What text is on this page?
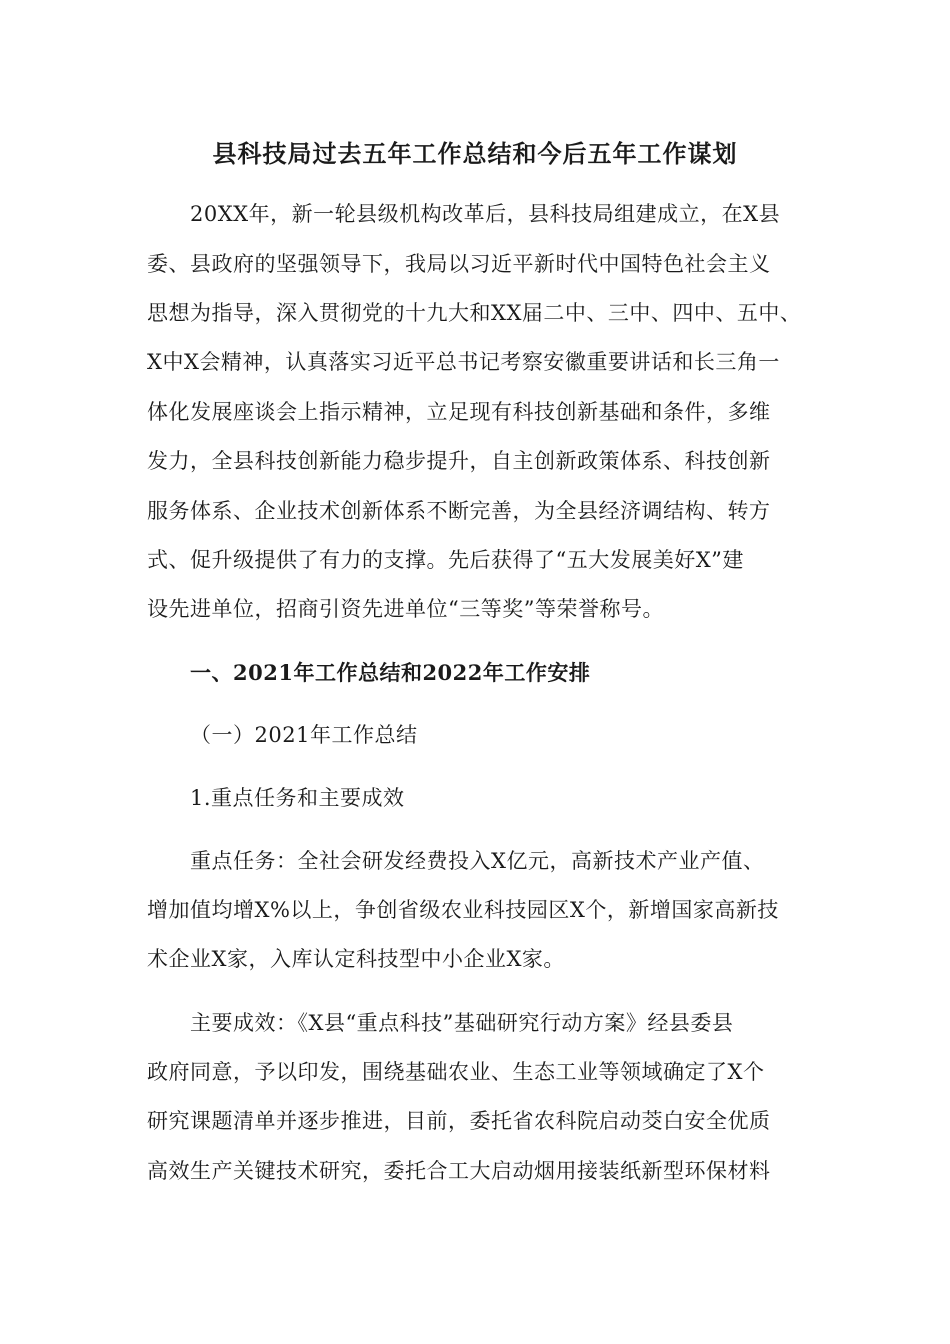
县科技局过去五年工作总结和今后五年工作谋划
20XX年，新一轮县级机构改革后，县科技局组建成立，在X县
委、县政府的坚强领导下，我局以习近平新时代中国特色社会主义
思想为指导，深入贯彻党的十九大和XX届二中、三中、四中、五中、
X中X会精神，认真落实习近平总书记考察安徽重要讲话和长三角一
体化发展座谈会上指示精神，立足现有科技创新基础和条件，多维
发力，全县科技创新能力稳步提升，自主创新政策体系、科技创新
服务体系、企业技术创新体系不断完善，为全县经济调结构、转方
式、促升级提供了有力的支撑。先后获得了“五大发展美好X”建
设先进单位，招商引资先进单位“三等奖”等荣誉称号。
一、2021年工作总结和2022年工作安排
（一）2021年工作总结
1.重点任务和主要成效
重点任务：全社会研发经费投入X亿元，高新技术产业产值、
增加值均增X%以上，争创省级农业科技园区X个，新增国家高新技
术企业X家，入库认定科技型中小企业X家。
主要成效：《X县“重点科技”基础研究行动方案》经县委县
政府同意，予以印发，围绕基础农业、生态工业等领域确定了X个
研究课题清单并逐步推进，目前，委托省农科院启动茭白安全优质
高效生产关键技术研究，委托合工大启动烟用接装纸新型环保材料
